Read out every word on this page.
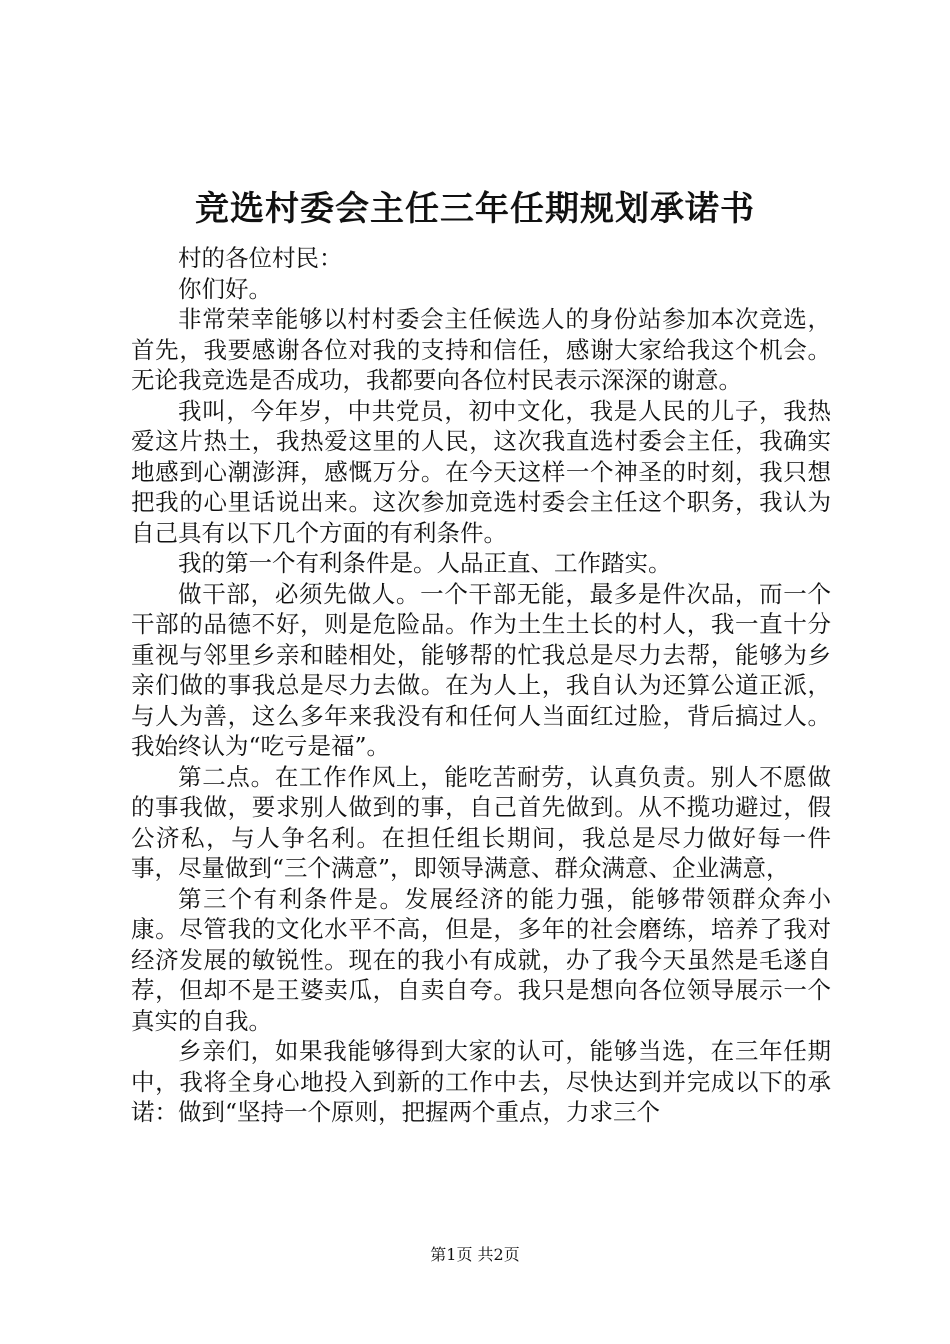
竞选村委会主任三年任期规划承诺书

村的各位村民：

你们好。

非常荣幸能够以村村委会主任候选人的身份站参加本次竞选，首先，我要感谢各位对我的支持和信任，感谢大家给我这个机会。无论我竞选是否成功，我都要向各位村民表示深深的谢意。

我叫，今年岁，中共党员，初中文化，我是人民的儿子，我热爱这片热土，我热爱这里的人民，这次我直选村委会主任，我确实地感到心潮澎湃，感慨万分。在今天这样一个神圣的时刻，我只想把我的心里话说出来。这次参加竞选村委会主任这个职务，我认为自己具有以下几个方面的有利条件。

我的第一个有利条件是。人品正直、工作踏实。

做干部，必须先做人。一个干部无能，最多是件次品，而一个干部的品德不好，则是危险品。作为土生土长的村人，我一直十分重视与邻里乡亲和睦相处，能够帮的忙我总是尽力去帮，能够为乡亲们做的事我总是尽力去做。在为人上，我自认为还算公道正派，与人为善，这么多年来我没有和任何人当面红过脸，背后搞过人。我始终认为“吃亏是福”。

第二点。在工作作风上，能吃苦耐劳，认真负责。别人不愿做的事我做，要求别人做到的事，自己首先做到。从不揽功避过，假公济私，与人争名利。在担任组长期间，我总是尽力做好每一件事，尽量做到“三个满意”，即领导满意、群众满意、企业满意，

第三个有利条件是。发展经济的能力强，能够带领群众奔小康。尽管我的文化水平不高，但是，多年的社会磨练，培养了我对经济发展的敏锐性。现在的我小有成就，办了我今天虽然是毛遂自荐，但却不是王婆卖瓜，自卖自夸。我只是想向各位领导展示一个真实的自我。

乡亲们，如果我能够得到大家的认可，能够当选，在三年任期中，我将全身心地投入到新的工作中去，尽快达到并完成以下的承诺：做到“坚持一个原则，把握两个重点，力求三个

第1页 共2页
